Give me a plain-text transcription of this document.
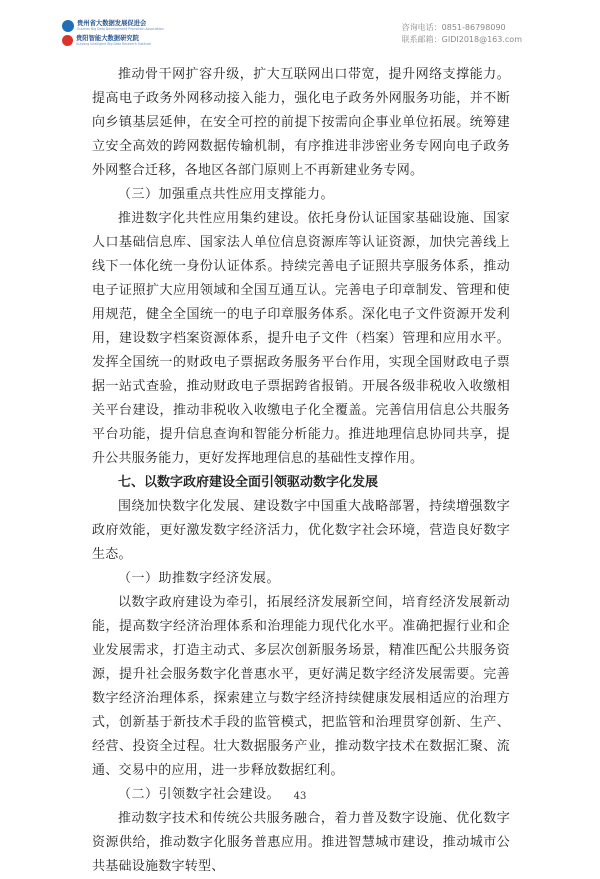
贵州省大数据发展促进会
Guizhou Big Data Development Promotion Association
贵阳智能大数据研究院
Guiyang Intelligent Big Data Research Institute
咨询电话：0851-86798090
联系邮箱：GIDI2018@163.com

推动骨干网扩容升级，扩大互联网出口带宽，提升网络支撑能力。提高电子政务外网移动接入能力，强化电子政务外网服务功能，并不断向乡镇基层延伸，在安全可控的前提下按需向企事业单位拓展。统筹建立安全高效的跨网数据传输机制，有序推进非涉密业务专网向电子政务外网整合迁移，各地区各部门原则上不再新建业务专网。

（三）加强重点共性应用支撑能力。

推进数字化共性应用集约建设。依托身份认证国家基础设施、国家人口基础信息库、国家法人单位信息资源库等认证资源，加快完善线上线下一体化统一身份认证体系。持续完善电子证照共享服务体系，推动电子证照扩大应用领域和全国互通互认。完善电子印章制发、管理和使用规范，健全全国统一的电子印章服务体系。深化电子文件资源开发利用，建设数字档案资源体系，提升电子文件（档案）管理和应用水平。发挥全国统一的财政电子票据政务服务平台作用，实现全国财政电子票据一站式查验，推动财政电子票据跨省报销。开展各级非税收入收缴相关平台建设，推动非税收入收缴电子化全覆盖。完善信用信息公共服务平台功能，提升信息查询和智能分析能力。推进地理信息协同共享，提升公共服务能力，更好发挥地理信息的基础性支撑作用。

七、以数字政府建设全面引领驱动数字化发展

围绕加快数字化发展、建设数字中国重大战略部署，持续增强数字政府效能，更好激发数字经济活力，优化数字社会环境，营造良好数字生态。

（一）助推数字经济发展。

以数字政府建设为牵引，拓展经济发展新空间，培育经济发展新动能，提高数字经济治理体系和治理能力现代化水平。准确把握行业和企业发展需求，打造主动式、多层次创新服务场景，精准匹配公共服务资源，提升社会服务数字化普惠水平，更好满足数字经济发展需要。完善数字经济治理体系，探索建立与数字经济持续健康发展相适应的治理方式，创新基于新技术手段的监管模式，把监管和治理贯穿创新、生产、经营、投资全过程。壮大数据服务产业，推动数字技术在数据汇聚、流通、交易中的应用，进一步释放数据红利。

（二）引领数字社会建设。

推动数字技术和传统公共服务融合，着力普及数字设施、优化数字资源供给，推动数字化服务普惠应用。推进智慧城市建设，推动城市公共基础设施数字转型、

43
